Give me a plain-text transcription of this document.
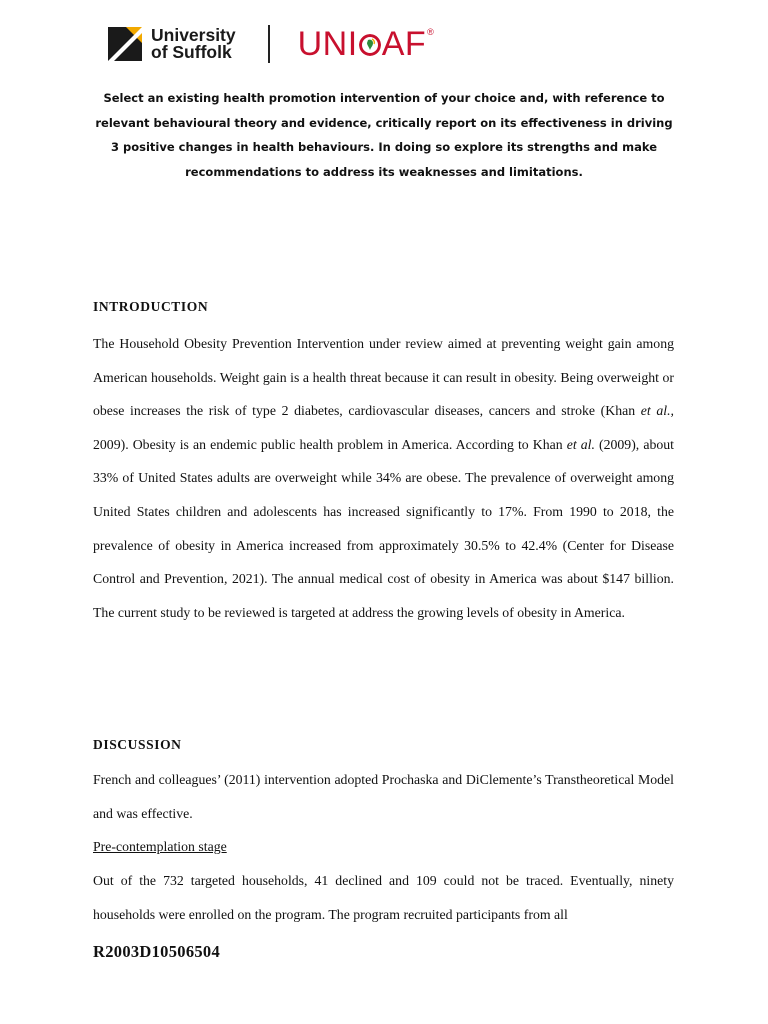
University
of Suffolk UNI AF ®
Select an existing health promotion intervention of your choice and, with reference to relevant behavioural theory and evidence, critically report on its effectiveness in driving 3 positive changes in health behaviours. In doing so explore its strengths and make recommendations to address its weaknesses and limitations.
INTRODUCTION
The Household Obesity Prevention Intervention under review aimed at preventing weight gain among American households. Weight gain is a health threat because it can result in obesity. Being overweight or obese increases the risk of type 2 diabetes, cardiovascular diseases, cancers and stroke (Khan et al., 2009). Obesity is an endemic public health problem in America. According to Khan et al. (2009), about 33% of United States adults are overweight while 34% are obese. The prevalence of overweight among United States children and adolescents has increased significantly to 17%. From 1990 to 2018, the prevalence of obesity in America increased from approximately 30.5% to 42.4% (Center for Disease Control and Prevention, 2021). The annual medical cost of obesity in America was about $147 billion. The current study to be reviewed is targeted at address the growing levels of obesity in America.
DISCUSSION
French and colleagues’ (2011) intervention adopted Prochaska and DiClemente’s Transtheoretical Model and was effective.
Pre-contemplation stage
Out of the 732 targeted households, 41 declined and 109 could not be traced. Eventually, ninety households were enrolled on the program. The program recruited participants from all
R2003D10506504
